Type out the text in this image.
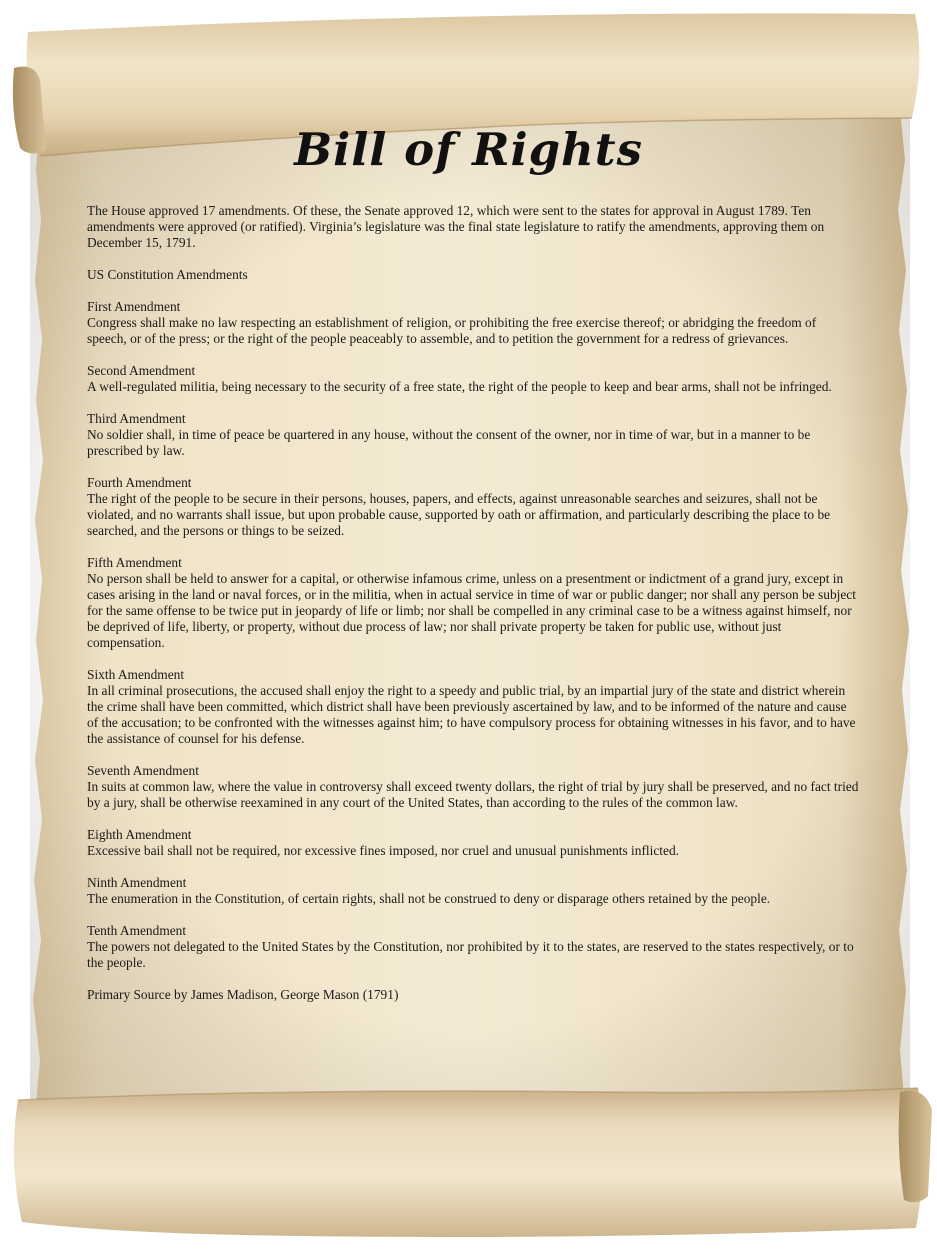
Bill of Rights

The House approved 17 amendments. Of these, the Senate approved 12, which were sent to the states for approval in August 1789. Ten amendments were approved (or ratified). Virginia’s legislature was the final state legislature to ratify the amendments, approving them on December 15, 1791.

US Constitution Amendments

First Amendment
Congress shall make no law respecting an establishment of religion, or prohibiting the free exercise thereof; or abridging the freedom of speech, or of the press; or the right of the people peaceably to assemble, and to petition the government for a redress of grievances.
Second Amendment
A well-regulated militia, being necessary to the security of a free state, the right of the people to keep and bear arms, shall not be infringed.
Third Amendment
No soldier shall, in time of peace be quartered in any house, without the consent of the owner, nor in time of war, but in a manner to be prescribed by law.
Fourth Amendment
The right of the people to be secure in their persons, houses, papers, and effects, against unreasonable searches and seizures, shall not be violated, and no warrants shall issue, but upon probable cause, supported by oath or affirmation, and particularly describing the place to be searched, and the persons or things to be seized.
Fifth Amendment
No person shall be held to answer for a capital, or otherwise infamous crime, unless on a presentment or indictment of a grand jury, except in cases arising in the land or naval forces, or in the militia, when in actual service in time of war or public danger; nor shall any person be subject for the same offense to be twice put in jeopardy of life or limb; nor shall be compelled in any criminal case to be a witness against himself, nor be deprived of life, liberty, or property, without due process of law; nor shall private property be taken for public use, without just compensation.
Sixth Amendment
In all criminal prosecutions, the accused shall enjoy the right to a speedy and public trial, by an impartial jury of the state and district wherein the crime shall have been committed, which district shall have been previously ascertained by law, and to be informed of the nature and cause of the accusation; to be confronted with the witnesses against him; to have compulsory process for obtaining witnesses in his favor, and to have the assistance of counsel for his defense.
Seventh Amendment
In suits at common law, where the value in controversy shall exceed twenty dollars, the right of trial by jury shall be preserved, and no fact tried by a jury, shall be otherwise reexamined in any court of the United States, than according to the rules of the common law.
Eighth Amendment
Excessive bail shall not be required, nor excessive fines imposed, nor cruel and unusual punishments inflicted.
Ninth Amendment
The enumeration in the Constitution, of certain rights, shall not be construed to deny or disparage others retained by the people.
Tenth Amendment
The powers not delegated to the United States by the Constitution, nor prohibited by it to the states, are reserved to the states respectively, or to the people.

Primary Source by James Madison, George Mason (1791)
